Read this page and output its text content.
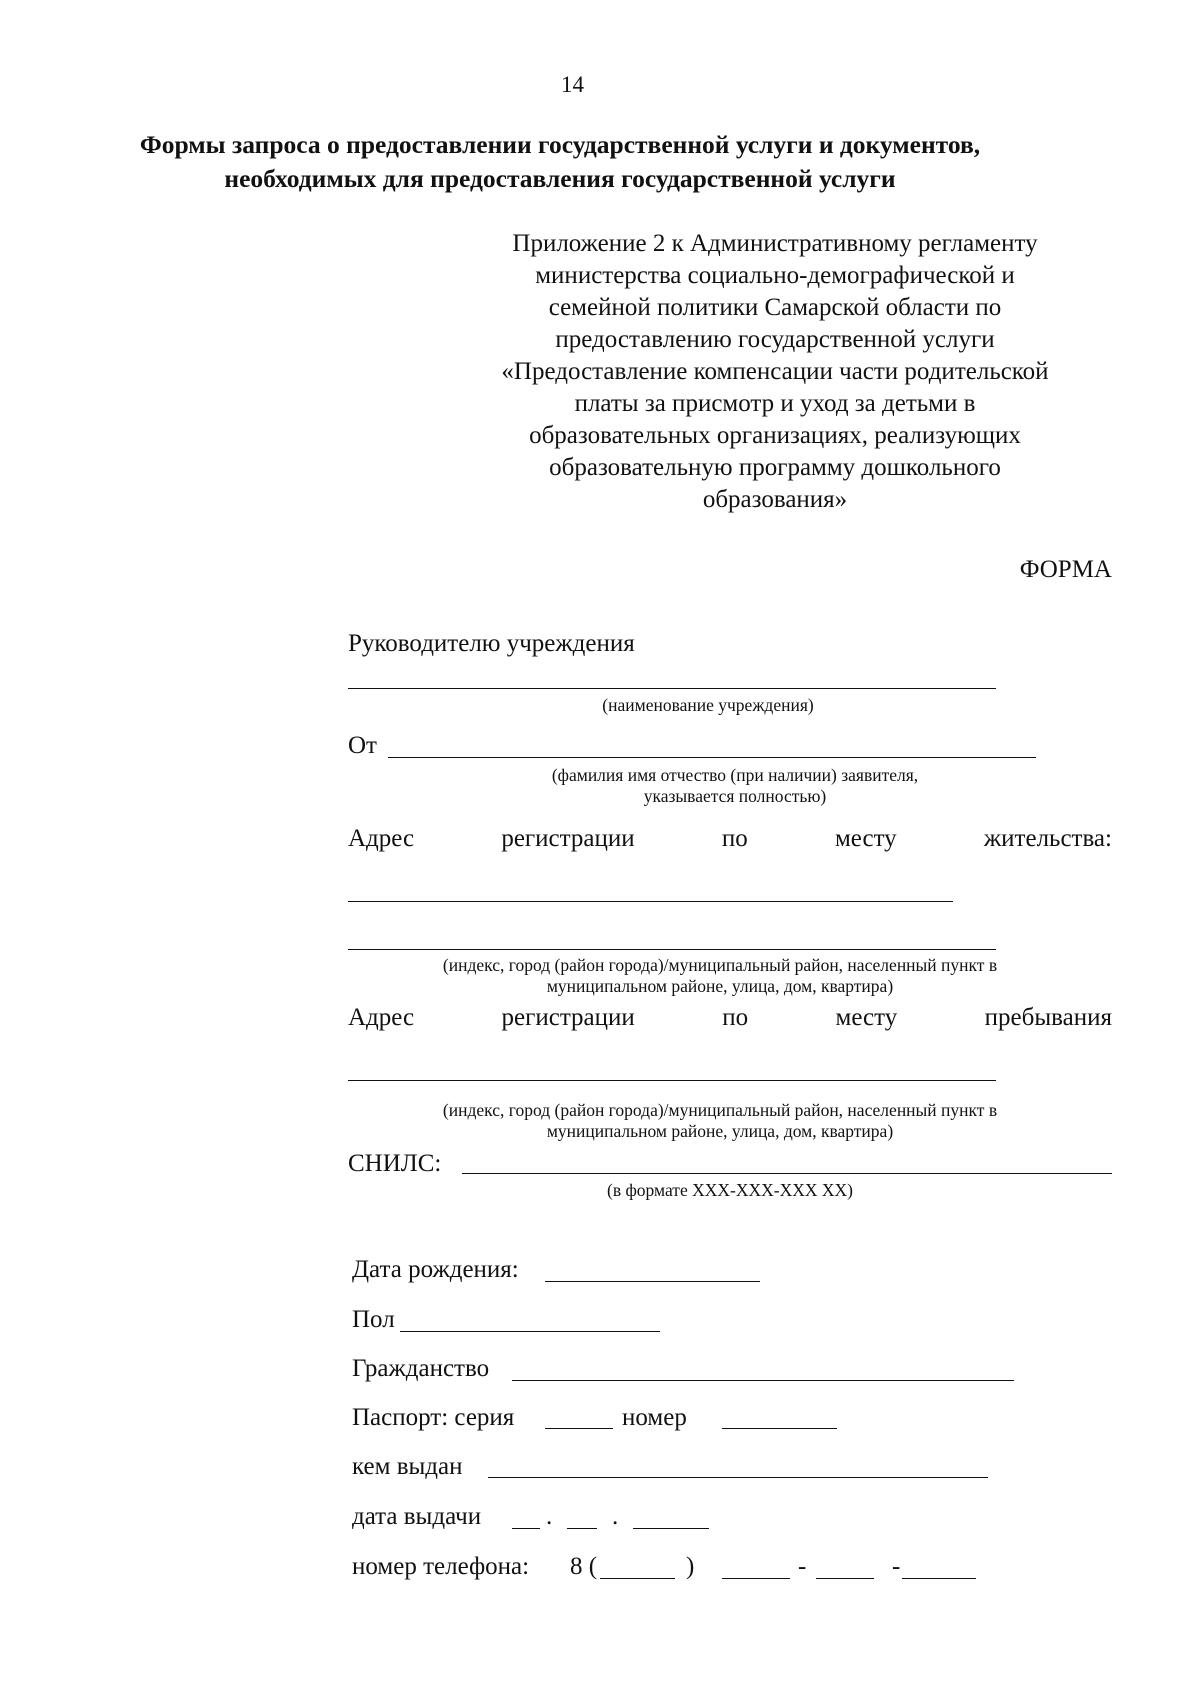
14
Формы запроса о предоставлении государственной услуги и документов,
необходимых для предоставления государственной услуги
Приложение 2 к Административному регламенту
министерства социально-демографической и
семейной политики Самарской области по
предоставлению государственной услуги
«Предоставление компенсации части родительской
платы за присмотр и уход за детьми в
образовательных организациях, реализующих
образовательную программу дошкольного
образования»
ФОРМА
Руководителю учреждения
(наименование учреждения)
От
(фамилия имя отчество (при наличии) заявителя,
указывается полностью)
Адрес	регистрации	по	месту	жительства:
(индекс, город (район города)/муниципальный район, населенный пункт в
муниципальном районе, улица, дом, квартира)
Адрес	регистрации	по	месту	пребывания
(индекс, город (район города)/муниципальный район, населенный пункт в
муниципальном районе, улица, дом, квартира)
СНИЛС:
(в формате ХХХ-ХХХ-ХХХ ХХ)
Дата рождения:
Пол
Гражданство
Паспорт: серия	номер
кем выдан
дата выдачи	. .
номер телефона: 8 (	)	-	-
